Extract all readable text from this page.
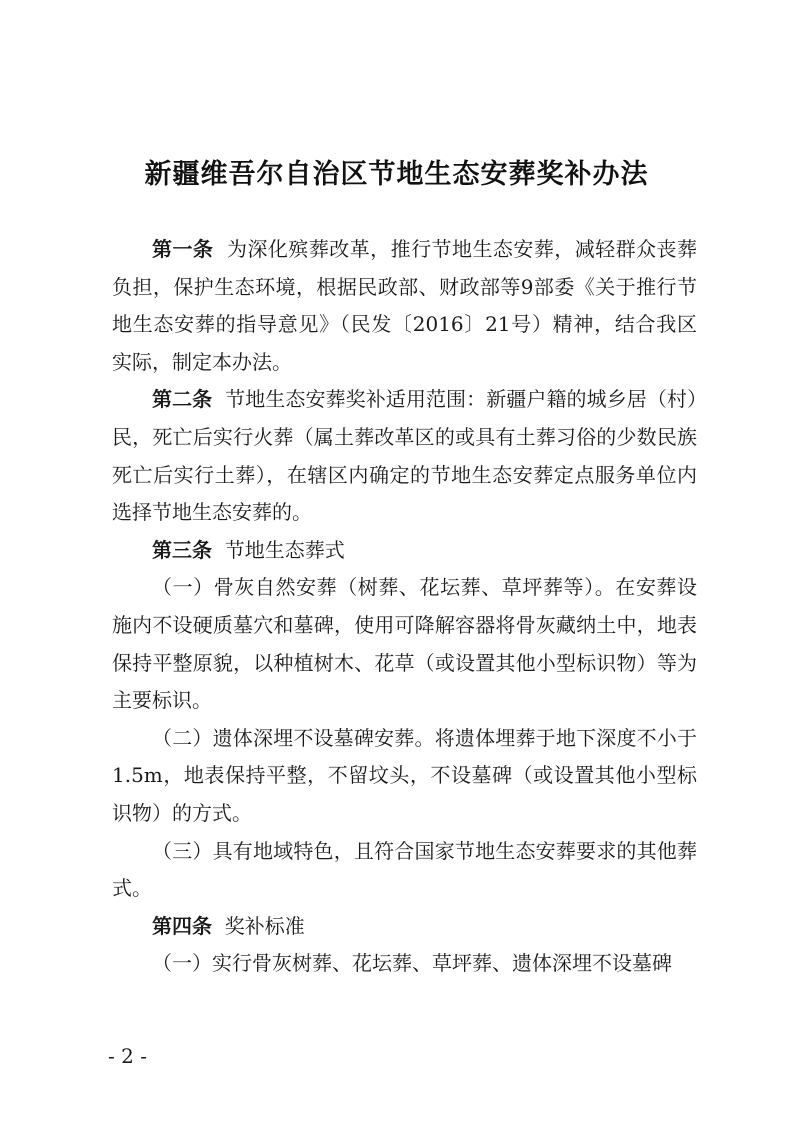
新疆维吾尔自治区节地生态安葬奖补办法

第一条 为深化殡葬改革，推行节地生态安葬，减轻群众丧葬负担，保护生态环境，根据民政部、财政部等9部委《关于推行节地生态安葬的指导意见》（民发〔2016〕21号）精神，结合我区实际，制定本办法。

第二条 节地生态安葬奖补适用范围：新疆户籍的城乡居（村）民，死亡后实行火葬（属土葬改革区的或具有土葬习俗的少数民族死亡后实行土葬），在辖区内确定的节地生态安葬定点服务单位内选择节地生态安葬的。

第三条 节地生态葬式

（一）骨灰自然安葬（树葬、花坛葬、草坪葬等）。在安葬设施内不设硬质墓穴和墓碑，使用可降解容器将骨灰藏纳土中，地表保持平整原貌，以种植树木、花草（或设置其他小型标识物）等为主要标识。

（二）遗体深埋不设墓碑安葬。将遗体埋葬于地下深度不小于1.5m，地表保持平整，不留坟头，不设墓碑（或设置其他小型标识物）的方式。

（三）具有地域特色，且符合国家节地生态安葬要求的其他葬式。

第四条 奖补标准

（一）实行骨灰树葬、花坛葬、草坪葬、遗体深埋不设墓碑

- 2 -
